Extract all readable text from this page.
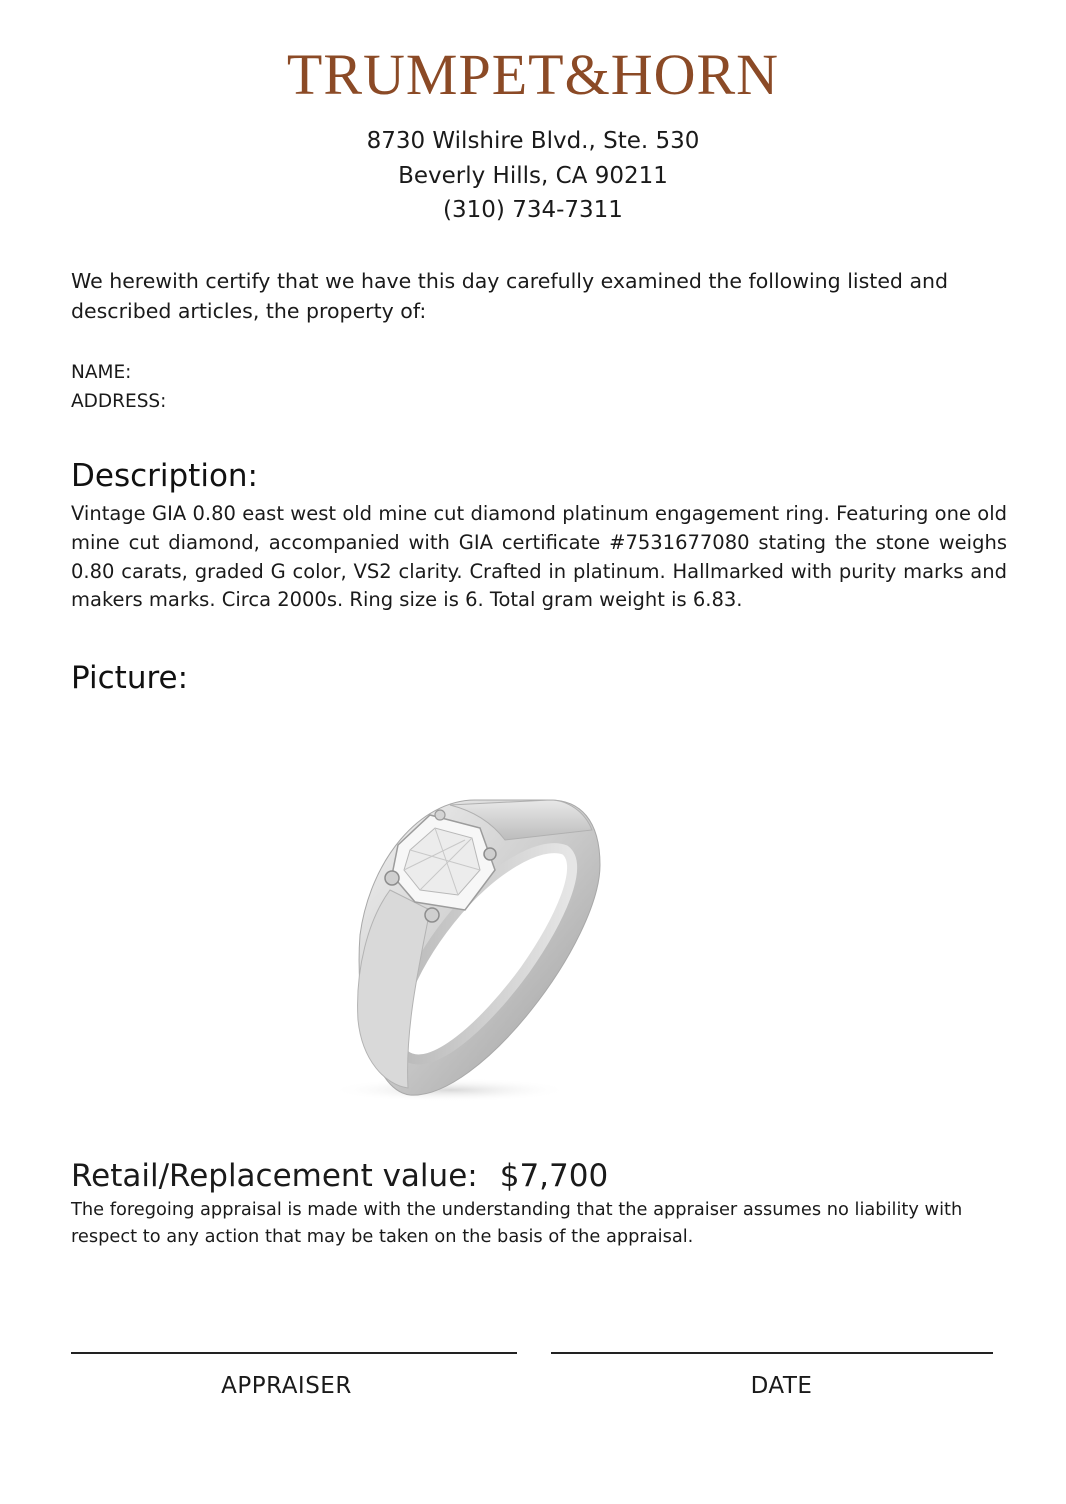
TRUMPET&HORN
8730 Wilshire Blvd., Ste. 530
Beverly Hills, CA 90211
(310) 734-7311
We herewith certify that we have this day carefully examined the following listed and described articles, the property of:
NAME:
ADDRESS:
Description:
Vintage GIA 0.80 east west old mine cut diamond platinum engagement ring. Featuring one old mine cut diamond, accompanied with GIA certificate #7531677080 stating the stone weighs 0.80 carats, graded G color, VS2 clarity. Crafted in platinum. Hallmarked with purity marks and makers marks. Circa 2000s. Ring size is 6. Total gram weight is 6.83.
Picture:
Retail/Replacement value: $7,700
The foregoing appraisal is made with the understanding that the appraiser assumes no liability with respect to any action that may be taken on the basis of the appraisal.
APPRAISER	DATE
